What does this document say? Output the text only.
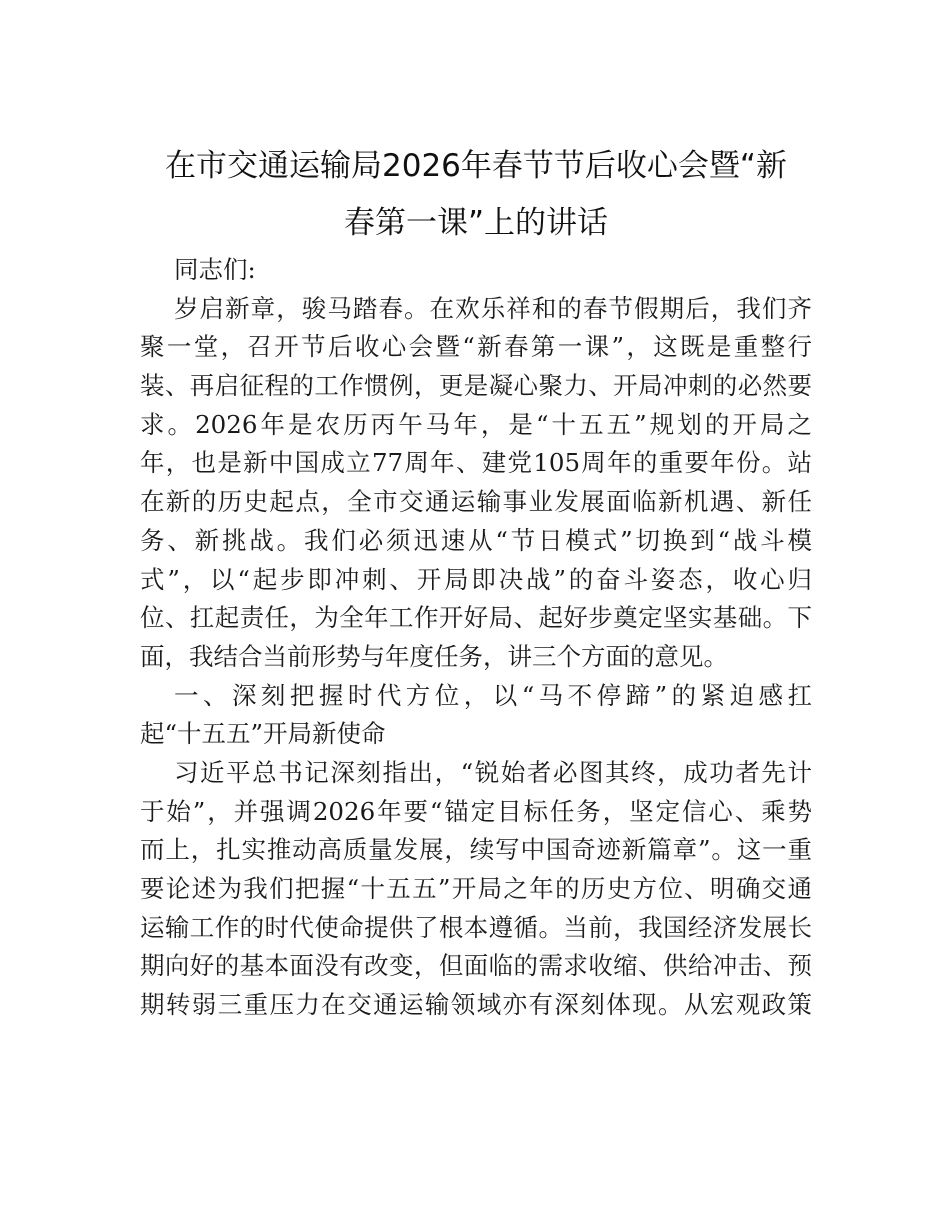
在市交通运输局2026年春节节后收心会暨“新
春第一课”上的讲话
同志们:
岁启新章，骏马踏春。在欢乐祥和的春节假期后，我们齐
聚一堂，召开节后收心会暨“新春第一课”，这既是重整行
装、再启征程的工作惯例，更是凝心聚力、开局冲刺的必然要
求。2026年是农历丙午马年，是“十五五”规划的开局之
年，也是新中国成立77周年、建党105周年的重要年份。站
在新的历史起点，全市交通运输事业发展面临新机遇、新任
务、新挑战。我们必须迅速从“节日模式”切换到“战斗模
式”，以“起步即冲刺、开局即决战”的奋斗姿态，收心归
位、扛起责任，为全年工作开好局、起好步奠定坚实基础。下
面，我结合当前形势与年度任务，讲三个方面的意见。
一、深刻把握时代方位，以“马不停蹄”的紧迫感扛
起“十五五”开局新使命
习近平总书记深刻指出，“锐始者必图其终，成功者先计
于始”，并强调2026年要“锚定目标任务，坚定信心、乘势
而上，扎实推动高质量发展，续写中国奇迹新篇章”。这一重
要论述为我们把握“十五五”开局之年的历史方位、明确交通
运输工作的时代使命提供了根本遵循。当前，我国经济发展长
期向好的基本面没有改变，但面临的需求收缩、供给冲击、预
期转弱三重压力在交通运输领域亦有深刻体现。从宏观政策
